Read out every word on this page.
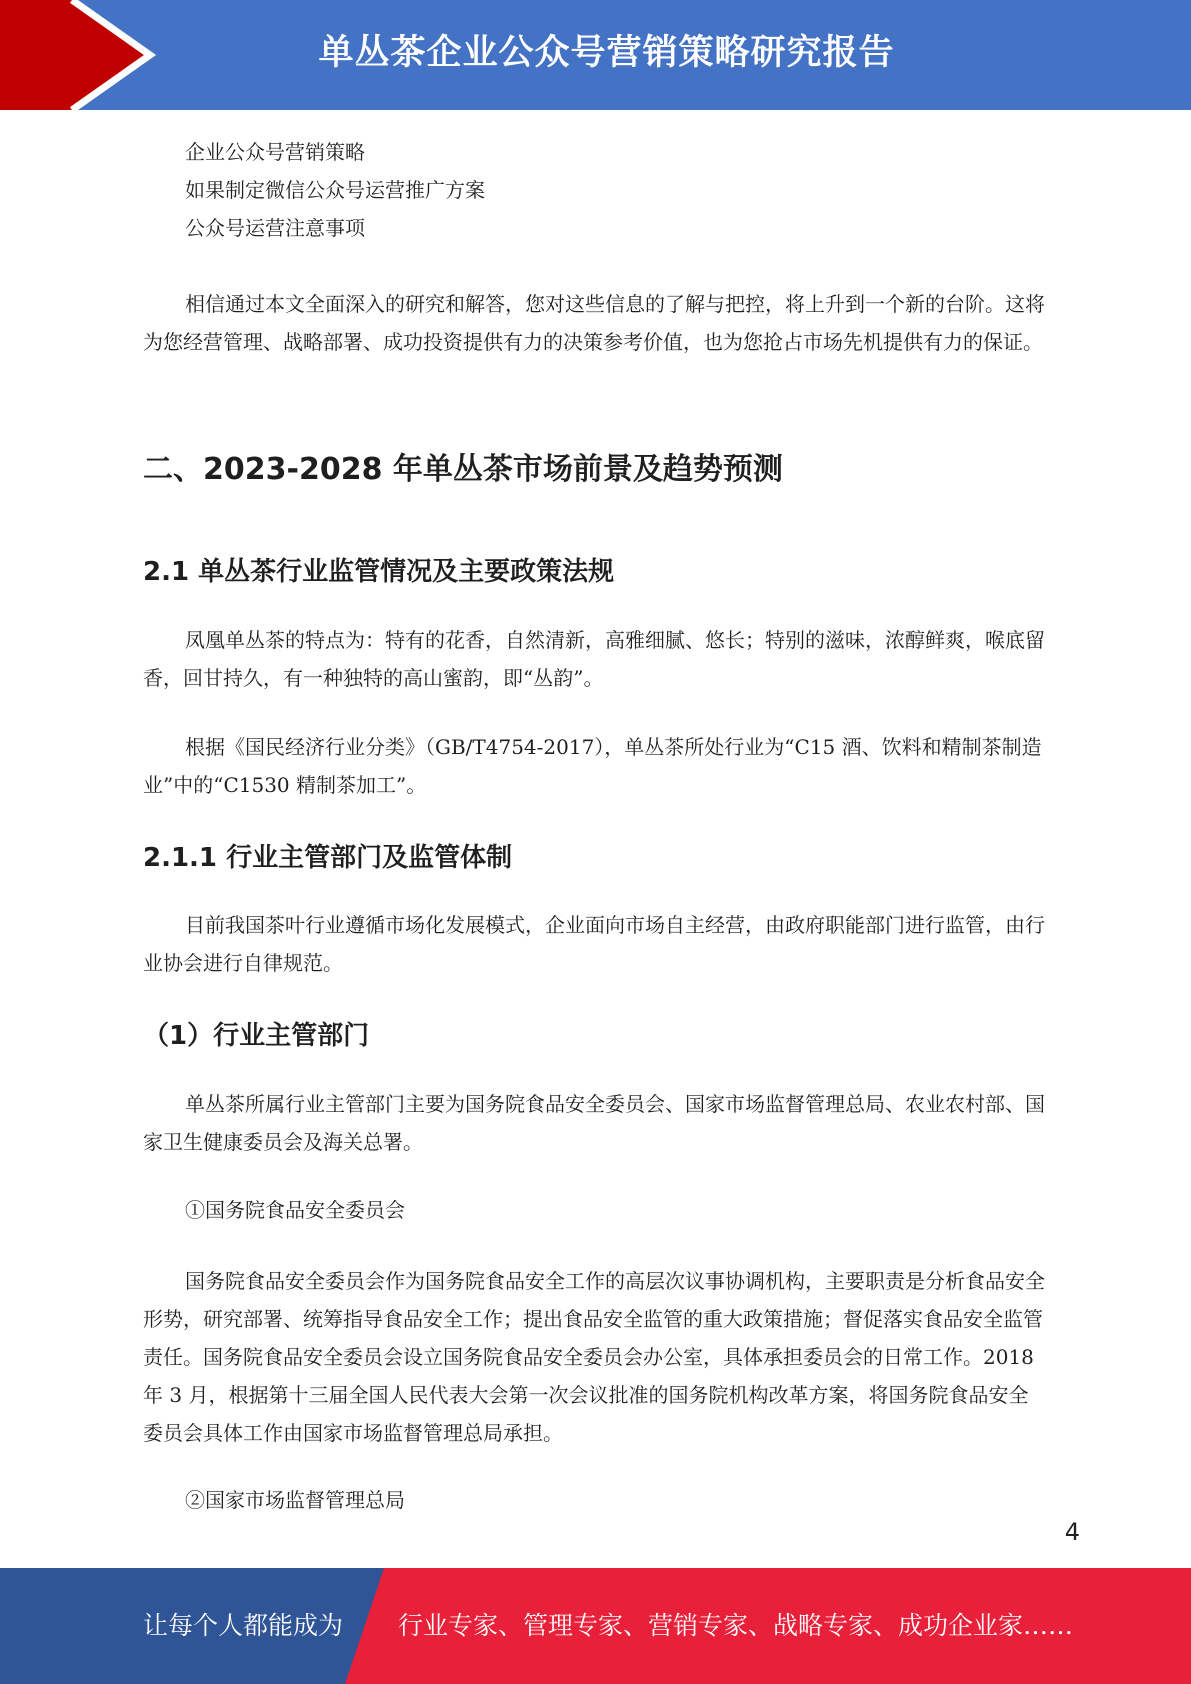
单丛茶企业公众号营销策略研究报告
企业公众号营销策略
如果制定微信公众号运营推广方案
公众号运营注意事项

相信通过本文全面深入的研究和解答，您对这些信息的了解与把控，将上升到一个新的台阶。这将为您经营管理、战略部署、成功投资提供有力的决策参考价值，也为您抢占市场先机提供有力的保证。

二、2023-2028 年单丛茶市场前景及趋势预测
2.1 单丛茶行业监管情况及主要政策法规

凤凰单丛茶的特点为：特有的花香，自然清新，高雅细腻、悠长；特别的滋味，浓醇鲜爽，喉底留香，回甘持久，有一种独特的高山蜜韵，即“丛韵”。

根据《国民经济行业分类》（GB/T4754-2017），单丛茶所处行业为“C15 酒、饮料和精制茶制造业”中的“C1530 精制茶加工”。

2.1.1 行业主管部门及监管体制

目前我国茶叶行业遵循市场化发展模式，企业面向市场自主经营，由政府职能部门进行监管，由行业协会进行自律规范。

（1）行业主管部门

单丛茶所属行业主管部门主要为国务院食品安全委员会、国家市场监督管理总局、农业农村部、国家卫生健康委员会及海关总署。

①国务院食品安全委员会

国务院食品安全委员会作为国务院食品安全工作的高层次议事协调机构，主要职责是分析食品安全形势，研究部署、统筹指导食品安全工作；提出食品安全监管的重大政策措施；督促落实食品安全监管责任。国务院食品安全委员会设立国务院食品安全委员会办公室，具体承担委员会的日常工作。2018 年 3 月，根据第十三届全国人民代表大会第一次会议批准的国务院机构改革方案，将国务院食品安全委员会具体工作由国家市场监督管理总局承担。

②国家市场监督管理总局
4
让每个人都能成为 行业专家、管理专家、营销专家、战略专家、成功企业家……
